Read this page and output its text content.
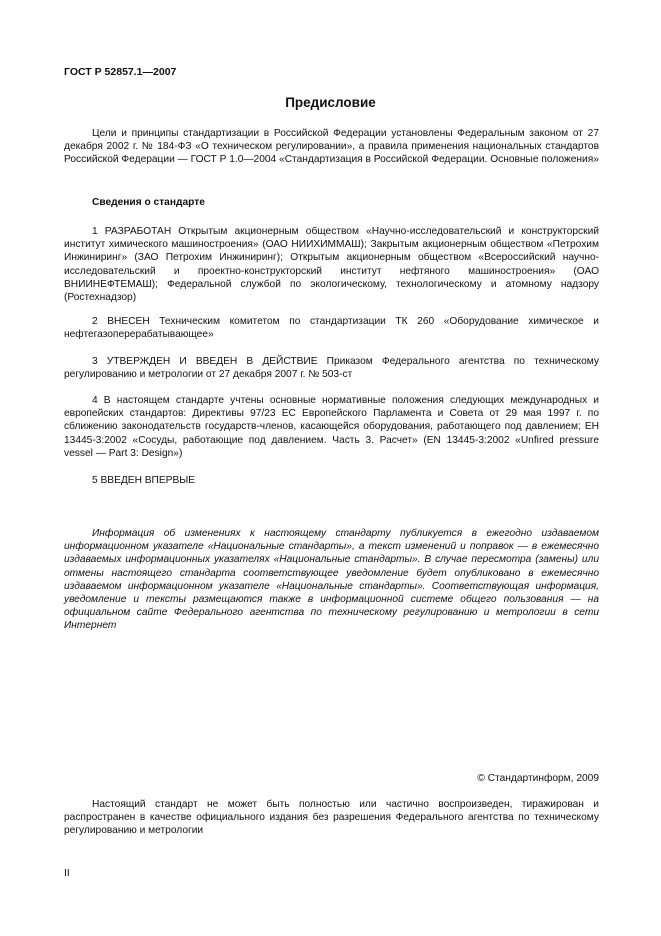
ГОСТ Р 52857.1—2007
Предисловие
Цели и принципы стандартизации в Российской Федерации установлены Федеральным законом от 27 декабря 2002 г. № 184-ФЗ «О техническом регулировании», а правила применения национальных стандартов Российской Федерации — ГОСТ Р 1.0—2004 «Стандартизация в Российской Федерации. Основные положения»
Сведения о стандарте
1 РАЗРАБОТАН Открытым акционерным обществом «Научно-исследовательский и конструкторский институт химического машиностроения» (ОАО НИИХИММАШ); Закрытым акционерным обществом «Петрохим Инжиниринг» (ЗАО Петрохим Инжиниринг); Открытым акционерным обществом «Всероссийский научно-исследовательский и проектно-конструкторский институт нефтяного машиностроения» (ОАО ВНИИНЕФТЕМАШ); Федеральной службой по экологическому, технологическому и атомному надзору (Ростехнадзор)
2 ВНЕСЕН Техническим комитетом по стандартизации ТК 260 «Оборудование химическое и нефтегазоперерабатывающее»
3 УТВЕРЖДЕН И ВВЕДЕН В ДЕЙСТВИЕ Приказом Федерального агентства по техническому регулированию и метрологии от 27 декабря 2007 г. № 503-ст
4 В настоящем стандарте учтены основные нормативные положения следующих международных и европейских стандартов: Директивы 97/23 ЕС Европейского Парламента и Совета от 29 мая 1997 г. по сближению законодательств государств-членов, касающейся оборудования, работающего под давлением; ЕН 13445-3:2002 «Сосуды, работающие под давлением. Часть 3. Расчет» (EN 13445-3:2002 «Unfired pressure vessel — Part 3: Design»)
5 ВВЕДЕН ВПЕРВЫЕ
Информация об изменениях к настоящему стандарту публикуется в ежегодно издаваемом информационном указателе «Национальные стандарты», а текст изменений и поправок — в ежемесячно издаваемых информационных указателях «Национальные стандарты». В случае пересмотра (замены) или отмены настоящего стандарта соответствующее уведомление будет опубликовано в ежемесячно издаваемом информационном указателе «Национальные стандарты». Соответствующая информация, уведомление и тексты размещаются также в информационной системе общего пользования — на официальном сайте Федерального агентства по техническому регулированию и метрологии в сети Интернет
© Стандартинформ, 2009
Настоящий стандарт не может быть полностью или частично воспроизведен, тиражирован и распространен в качестве официального издания без разрешения Федерального агентства по техническому регулированию и метрологии
II
